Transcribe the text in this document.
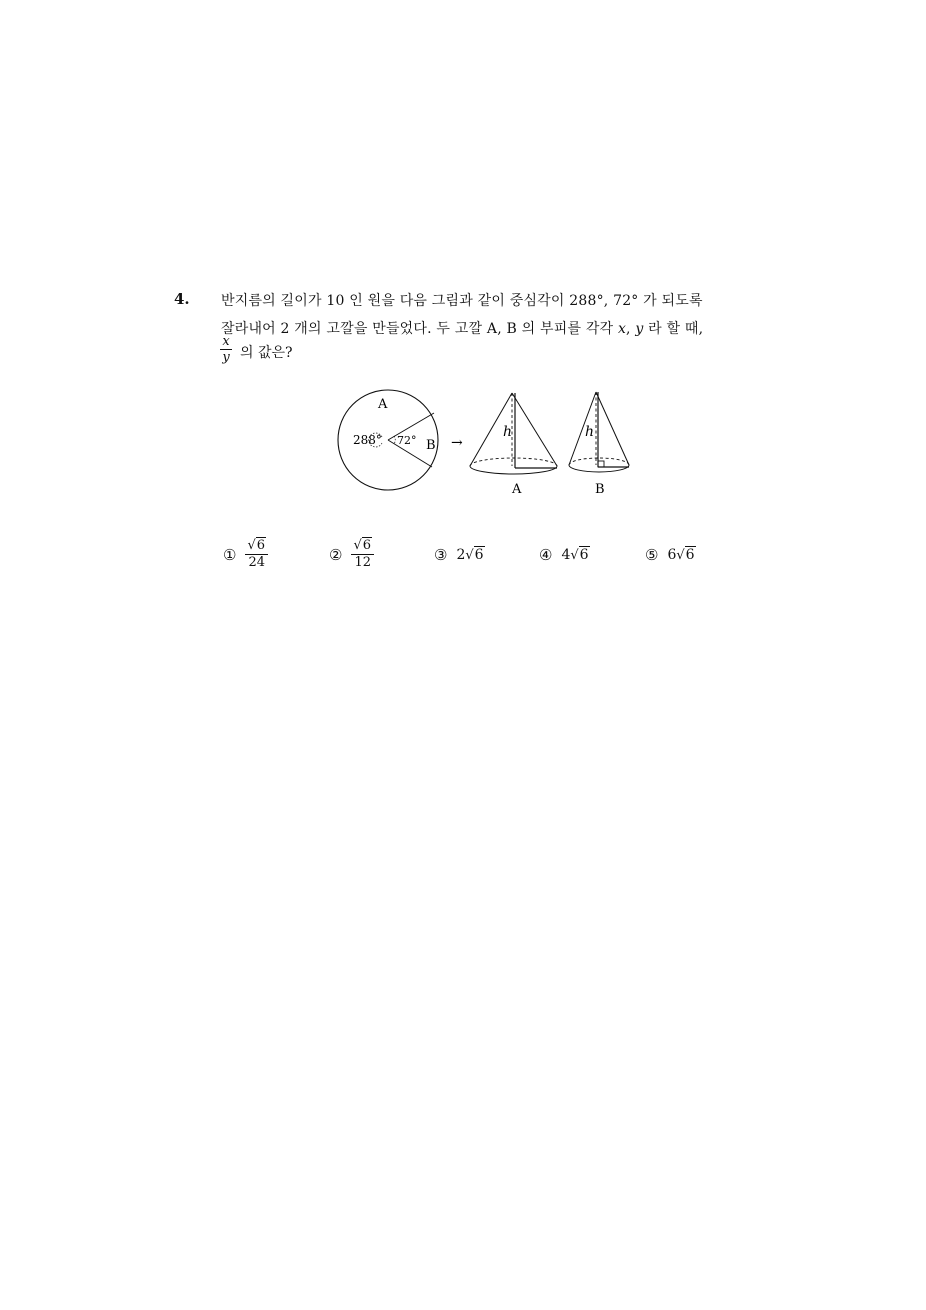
4. 반지름의 길이가 10 인 원을 다음 그림과 같이 중심각이 288°, 72° 가 되도록
잘라내어 2 개의 고깔을 만들었다. 두 고깔 A, B 의 부피를 각각 x, y 라 할 때,
x
y 의 값은?
A
B
288° 72° →
h
A
h
B
① $\frac{√6}{24}$	② $\frac{√6}{12}$	③ 2 √6	④ 4 √6	⑤ 6 √6
